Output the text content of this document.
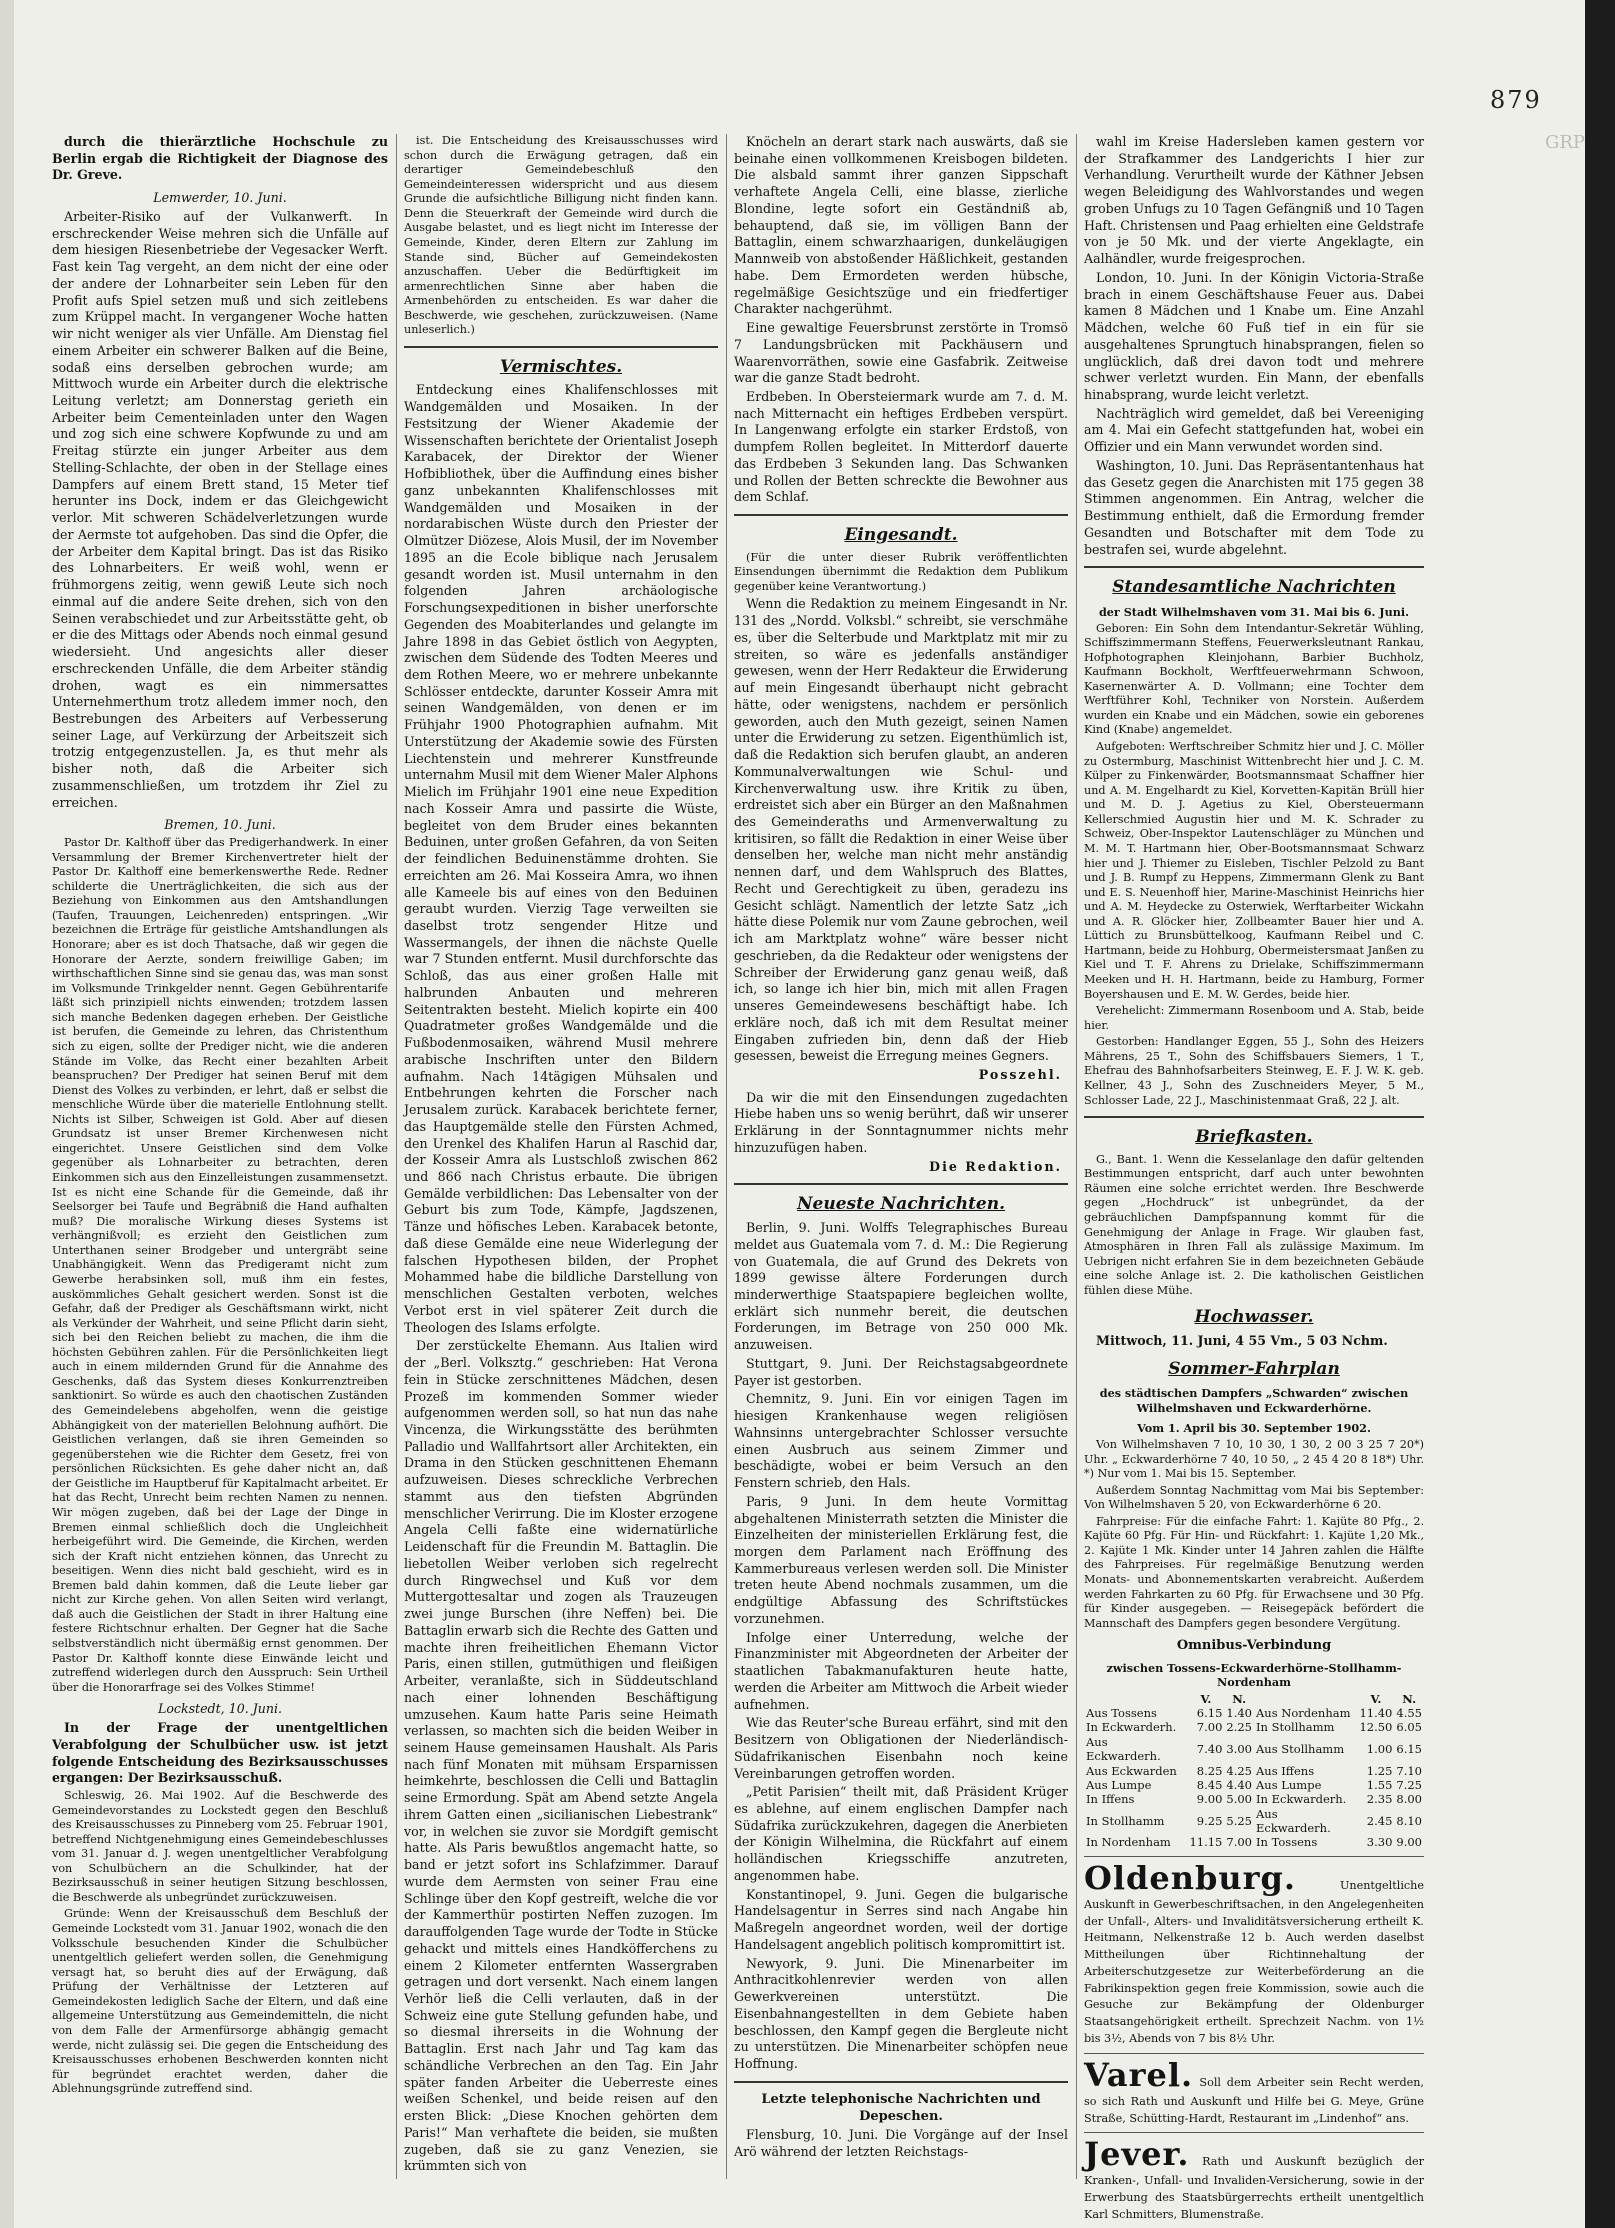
879
GRP

durch die thierärztliche Hochschule zu Berlin ergab die Richtigkeit der Diagnose des Dr. Greve.

Lemwerder, 10. Juni.

Arbeiter-Risiko auf der Vulkanwerft. In erschreckender Weise mehren sich die Unfälle auf dem hiesigen Riesenbetriebe der Vegesacker Werft. Fast kein Tag vergeht, an dem nicht der eine oder der andere der Lohnarbeiter sein Leben für den Profit aufs Spiel setzen muß und sich zeitlebens zum Krüppel macht. In vergangener Woche hatten wir nicht weniger als vier Unfälle. Am Dienstag fiel einem Arbeiter ein schwerer Balken auf die Beine, sodaß eins derselben gebrochen wurde; am Mittwoch wurde ein Arbeiter durch die elektrische Leitung verletzt; am Donnerstag gerieth ein Arbeiter beim Cementeinladen unter den Wagen und zog sich eine schwere Kopfwunde zu und am Freitag stürzte ein junger Arbeiter aus dem Stelling-Schlachte, der oben in der Stellage eines Dampfers auf einem Brett stand, 15 Meter tief herunter ins Dock, indem er das Gleichgewicht verlor. Mit schweren Schädelverletzungen wurde der Aermste tot aufgehoben. Das sind die Opfer, die der Arbeiter dem Kapital bringt. Das ist das Risiko des Lohnarbeiters. Er weiß wohl, wenn er frühmorgens zeitig, wenn gewiß Leute sich noch einmal auf die andere Seite drehen, sich von den Seinen verabschiedet und zur Arbeitsstätte geht, ob er die des Mittags oder Abends noch einmal gesund wiedersieht. Und angesichts aller dieser erschreckenden Unfälle, die dem Arbeiter ständig drohen, wagt es ein nimmersattes Unternehmerthum trotz alledem immer noch, den Bestrebungen des Arbeiters auf Verbesserung seiner Lage, auf Verkürzung der Arbeitszeit sich trotzig entgegenzustellen. Ja, es thut mehr als bisher noth, daß die Arbeiter sich zusammenschließen, um trotzdem ihr Ziel zu erreichen.

Bremen, 10. Juni.

Pastor Dr. Kalthoff über das Predigerhandwerk. In einer Versammlung der Bremer Kirchenvertreter hielt der Pastor Dr. Kalthoff eine bemerkenswerthe Rede. Redner schilderte die Unerträglichkeiten, die sich aus der Beziehung von Einkommen aus den Amtshandlungen (Taufen, Trauungen, Leichenreden) entspringen. „Wir bezeichnen die Erträge für geistliche Amtshandlungen als Honorare; aber es ist doch Thatsache, daß wir gegen die Honorare der Aerzte, sondern freiwillige Gaben; im wirthschaftlichen Sinne sind sie genau das, was man sonst im Volksmunde Trinkgelder nennt. Gegen Gebührentarife läßt sich prinzipiell nichts einwenden; trotzdem lassen sich manche Bedenken dagegen erheben. Der Geistliche ist berufen, die Gemeinde zu lehren, das Christenthum sich zu eigen, sollte der Prediger nicht, wie die anderen Stände im Volke, das Recht einer bezahlten Arbeit beanspruchen? Der Prediger hat seinen Beruf mit dem Dienst des Volkes zu verbinden, er lehrt, daß er selbst die menschliche Würde über die materielle Entlohnung stellt. Nichts ist Silber, Schweigen ist Gold. Aber auf diesen Grundsatz ist unser Bremer Kirchenwesen nicht eingerichtet. Unsere Geistlichen sind dem Volke gegenüber als Lohnarbeiter zu betrachten, deren Einkommen sich aus den Einzelleistungen zusammensetzt. Ist es nicht eine Schande für die Gemeinde, daß ihr Seelsorger bei Taufe und Begräbniß die Hand aufhalten muß? Die moralische Wirkung dieses Systems ist verhängnißvoll; es erzieht den Geistlichen zum Unterthanen seiner Brodgeber und untergräbt seine Unabhängigkeit. Wenn das Predigeramt nicht zum Gewerbe herabsinken soll, muß ihm ein festes, auskömmliches Gehalt gesichert werden. Sonst ist die Gefahr, daß der Prediger als Geschäftsmann wirkt, nicht als Verkünder der Wahrheit, und seine Pflicht darin sieht, sich bei den Reichen beliebt zu machen, die ihm die höchsten Gebühren zahlen. Für die Persönlichkeiten liegt auch in einem mildernden Grund für die Annahme des Geschenks, daß das System dieses Konkurrenztreiben sanktionirt. So würde es auch den chaotischen Zuständen des Gemeindelebens abgeholfen, wenn die geistige Abhängigkeit von der materiellen Belohnung aufhört. Die Geistlichen verlangen, daß sie ihren Gemeinden so gegenüberstehen wie die Richter dem Gesetz, frei von persönlichen Rücksichten. Es gehe daher nicht an, daß der Geistliche im Hauptberuf für Kapitalmacht arbeitet. Er hat das Recht, Unrecht beim rechten Namen zu nennen. Wir mögen zugeben, daß bei der Lage der Dinge in Bremen einmal schließlich doch die Ungleichheit herbeigeführt wird. Die Gemeinde, die Kirchen, werden sich der Kraft nicht entziehen können, das Unrecht zu beseitigen. Wenn dies nicht bald geschieht, wird es in Bremen bald dahin kommen, daß die Leute lieber gar nicht zur Kirche gehen. Von allen Seiten wird verlangt, daß auch die Geistlichen der Stadt in ihrer Haltung eine festere Richtschnur erhalten. Der Gegner hat die Sache selbstverständlich nicht übermäßig ernst genommen. Der Pastor Dr. Kalthoff konnte diese Einwände leicht und zutreffend widerlegen durch den Ausspruch: Sein Urtheil über die Honorarfrage sei des Volkes Stimme!

Lockstedt, 10. Juni.

In der Frage der unentgeltlichen Verabfolgung der Schulbücher usw. ist jetzt folgende Entscheidung des Bezirksausschusses ergangen: Der Bezirksausschuß.

Schleswig, 26. Mai 1902. Auf die Beschwerde des Gemeindevorstandes zu Lockstedt gegen den Beschluß des Kreisausschusses zu Pinneberg vom 25. Februar 1901, betreffend Nichtgenehmigung eines Gemeindebeschlusses vom 31. Januar d. J. wegen unentgeltlicher Verabfolgung von Schulbüchern an die Schulkinder, hat der Bezirksausschuß in seiner heutigen Sitzung beschlossen, die Beschwerde als unbegründet zurückzuweisen.

Gründe: Wenn der Kreisausschuß dem Beschluß der Gemeinde Lockstedt vom 31. Januar 1902, wonach die den Volksschule besuchenden Kinder die Schulbücher unentgeltlich geliefert werden sollen, die Genehmigung versagt hat, so beruht dies auf der Erwägung, daß Prüfung der Verhältnisse der Letzteren auf Gemeindekosten lediglich Sache der Eltern, und daß eine allgemeine Unterstützung aus Gemeindemitteln, die nicht von dem Falle der Armenfürsorge abhängig gemacht werde, nicht zulässig sei. Die gegen die Entscheidung des Kreisausschusses erhobenen Beschwerden konnten nicht für begründet erachtet werden, daher die Ablehnungsgründe zutreffend sind.

ist. Die Entscheidung des Kreisausschusses wird schon durch die Erwägung getragen, daß ein derartiger Gemeindebeschluß den Gemeindeinteressen widerspricht und aus diesem Grunde die aufsichtliche Billigung nicht finden kann. Denn die Steuerkraft der Gemeinde wird durch die Ausgabe belastet, und es liegt nicht im Interesse der Gemeinde, Kinder, deren Eltern zur Zahlung im Stande sind, Bücher auf Gemeindekosten anzuschaffen. Ueber die Bedürftigkeit im armenrechtlichen Sinne aber haben die Armenbehörden zu entscheiden. Es war daher die Beschwerde, wie geschehen, zurückzuweisen. (Name unleserlich.)

Vermischtes.

Entdeckung eines Khalifenschlosses mit Wandgemälden und Mosaiken. In der Festsitzung der Wiener Akademie der Wissenschaften berichtete der Orientalist Joseph Karabacek, der Direktor der Wiener Hofbibliothek, über die Auffindung eines bisher ganz unbekannten Khalifenschlosses mit Wandgemälden und Mosaiken in der nordarabischen Wüste durch den Priester der Olmützer Diözese, Alois Musil, der im November 1895 an die Ecole biblique nach Jerusalem gesandt worden ist. Musil unternahm in den folgenden Jahren archäologische Forschungsexpeditionen in bisher unerforschte Gegenden des Moabiterlandes und gelangte im Jahre 1898 in das Gebiet östlich von Aegypten, zwischen dem Südende des Todten Meeres und dem Rothen Meere, wo er mehrere unbekannte Schlösser entdeckte, darunter Kosseir Amra mit seinen Wandgemälden, von denen er im Frühjahr 1900 Photographien aufnahm. Mit Unterstützung der Akademie sowie des Fürsten Liechtenstein und mehrerer Kunstfreunde unternahm Musil mit dem Wiener Maler Alphons Mielich im Frühjahr 1901 eine neue Expedition nach Kosseir Amra und passirte die Wüste, begleitet von dem Bruder eines bekannten Beduinen, unter großen Gefahren, da von Seiten der feindlichen Beduinenstämme drohten. Sie erreichten am 26. Mai Kosseira Amra, wo ihnen alle Kameele bis auf eines von den Beduinen geraubt wurden. Vierzig Tage verweilten sie daselbst trotz sengender Hitze und Wassermangels, der ihnen die nächste Quelle war 7 Stunden entfernt. Musil durchforschte das Schloß, das aus einer großen Halle mit halbrunden Anbauten und mehreren Seitentrakten besteht. Mielich kopirte ein 400 Quadratmeter großes Wandgemälde und die Fußbodenmosaiken, während Musil mehrere arabische Inschriften unter den Bildern aufnahm. Nach 14tägigen Mühsalen und Entbehrungen kehrten die Forscher nach Jerusalem zurück. Karabacek berichtete ferner, das Hauptgemälde stelle den Fürsten Achmed, den Urenkel des Khalifen Harun al Raschid dar, der Kosseir Amra als Lustschloß zwischen 862 und 866 nach Christus erbaute. Die übrigen Gemälde verbildlichen: Das Lebensalter von der Geburt bis zum Tode, Kämpfe, Jagdszenen, Tänze und höfisches Leben. Karabacek betonte, daß diese Gemälde eine neue Widerlegung der falschen Hypothesen bilden, der Prophet Mohammed habe die bildliche Darstellung von menschlichen Gestalten verboten, welches Verbot erst in viel späterer Zeit durch die Theologen des Islams erfolgte.

Der zerstückelte Ehemann. Aus Italien wird der „Berl. Volksztg.“ geschrieben: Hat Verona fein in Stücke zerschnittenes Mädchen, desen Prozeß im kommenden Sommer wieder aufgenommen werden soll, so hat nun das nahe Vincenza, die Wirkungsstätte des berühmten Palladio und Wallfahrtsort aller Architekten, ein Drama in den Stücken geschnittenen Ehemann aufzuweisen. Dieses schreckliche Verbrechen stammt aus den tiefsten Abgründen menschlicher Verirrung. Die im Kloster erzogene Angela Celli faßte eine widernatürliche Leidenschaft für die Freundin M. Battaglin. Die liebetollen Weiber verloben sich regelrecht durch Ringwechsel und Kuß vor dem Muttergottesaltar und zogen als Trauzeugen zwei junge Burschen (ihre Neffen) bei. Die Battaglin erwarb sich die Rechte des Gatten und machte ihren freiheitlichen Ehemann Victor Paris, einen stillen, gutmüthigen und fleißigen Arbeiter, veranlaßte, sich in Süddeutschland nach einer lohnenden Beschäftigung umzusehen. Kaum hatte Paris seine Heimath verlassen, so machten sich die beiden Weiber in seinem Hause gemeinsamen Haushalt. Als Paris nach fünf Monaten mit mühsam Ersparnissen heimkehrte, beschlossen die Celli und Battaglin seine Ermordung. Spät am Abend setzte Angela ihrem Gatten einen „sicilianischen Liebestrank“ vor, in welchen sie zuvor sie Mordgift gemischt hatte. Als Paris bewußtlos angemacht hatte, so band er jetzt sofort ins Schlafzimmer. Darauf wurde dem Aermsten von seiner Frau eine Schlinge über den Kopf gestreift, welche die vor der Kammerthür postirten Neffen zuzogen. Im darauffolgenden Tage wurde der Todte in Stücke gehackt und mittels eines Handköfferchens zu einem 2 Kilometer entfernten Wassergraben getragen und dort versenkt. Nach einem langen Verhör ließ die Celli verlauten, daß in der Schweiz eine gute Stellung gefunden habe, und so diesmal ihrerseits in die Wohnung der Battaglin. Erst nach Jahr und Tag kam das schändliche Verbrechen an den Tag. Ein Jahr später fanden Arbeiter die Ueberreste eines weißen Schenkel, und beide reisen auf den ersten Blick: „Diese Knochen gehörten dem Paris!“ Man verhaftete die beiden, sie mußten zugeben, daß sie zu ganz Venezien, sie krümmten sich von

Knöcheln an derart stark nach auswärts, daß sie beinahe einen vollkommenen Kreisbogen bildeten. Die alsbald sammt ihrer ganzen Sippschaft verhaftete Angela Celli, eine blasse, zierliche Blondine, legte sofort ein Geständniß ab, behauptend, daß sie, im völligen Bann der Battaglin, einem schwarzhaarigen, dunkeläugigen Mannweib von abstoßender Häßlichkeit, gestanden habe. Dem Ermordeten werden hübsche, regelmäßige Gesichtszüge und ein friedfertiger Charakter nachgerühmt.

Eine gewaltige Feuersbrunst zerstörte in Tromsö 7 Landungsbrücken mit Packhäusern und Waarenvorräthen, sowie eine Gasfabrik. Zeitweise war die ganze Stadt bedroht.

Erdbeben. In Obersteiermark wurde am 7. d. M. nach Mitternacht ein heftiges Erdbeben verspürt. In Langenwang erfolgte ein starker Erdstoß, von dumpfem Rollen begleitet. In Mitterdorf dauerte das Erdbeben 3 Sekunden lang. Das Schwanken und Rollen der Betten schreckte die Bewohner aus dem Schlaf.

Eingesandt.

(Für die unter dieser Rubrik veröffentlichten Einsendungen übernimmt die Redaktion dem Publikum gegenüber keine Verantwortung.)

Wenn die Redaktion zu meinem Eingesandt in Nr. 131 des „Nordd. Volksbl.“ schreibt, sie verschmähe es, über die Selterbude und Marktplatz mit mir zu streiten, so wäre es jedenfalls anständiger gewesen, wenn der Herr Redakteur die Erwiderung auf mein Eingesandt überhaupt nicht gebracht hätte, oder wenigstens, nachdem er persönlich geworden, auch den Muth gezeigt, seinen Namen unter die Erwiderung zu setzen. Eigenthümlich ist, daß die Redaktion sich berufen glaubt, an anderen Kommunalverwaltungen wie Schul- und Kirchenverwaltung usw. ihre Kritik zu üben, erdreistet sich aber ein Bürger an den Maßnahmen des Gemeinderaths und Armenverwaltung zu kritisiren, so fällt die Redaktion in einer Weise über denselben her, welche man nicht mehr anständig nennen darf, und dem Wahlspruch des Blattes, Recht und Gerechtigkeit zu üben, geradezu ins Gesicht schlägt. Namentlich der letzte Satz „ich hätte diese Polemik nur vom Zaune gebrochen, weil ich am Marktplatz wohne“ wäre besser nicht geschrieben, da die Redakteur oder wenigstens der Schreiber der Erwiderung ganz genau weiß, daß ich, so lange ich hier bin, mich mit allen Fragen unseres Gemeindewesens beschäftigt habe. Ich erkläre noch, daß ich mit dem Resultat meiner Eingaben zufrieden bin, denn daß der Hieb gesessen, beweist die Erregung meines Gegners.

Posszehl.

Da wir die mit den Einsendungen zugedachten Hiebe haben uns so wenig berührt, daß wir unserer Erklärung in der Sonntagnummer nichts mehr hinzuzufügen haben.

Die Redaktion.
Neueste Nachrichten.

Berlin, 9. Juni. Wolffs Telegraphisches Bureau meldet aus Guatemala vom 7. d. M.: Die Regierung von Guatemala, die auf Grund des Dekrets von 1899 gewisse ältere Forderungen durch minderwerthige Staatspapiere begleichen wollte, erklärt sich nunmehr bereit, die deutschen Forderungen, im Betrage von 250 000 Mk. anzuweisen.

Stuttgart, 9. Juni. Der Reichstagsabgeordnete Payer ist gestorben.

Chemnitz, 9. Juni. Ein vor einigen Tagen im hiesigen Krankenhause wegen religiösen Wahnsinns untergebrachter Schlosser versuchte einen Ausbruch aus seinem Zimmer und beschädigte, wobei er beim Versuch an den Fenstern schrieb, den Hals.

Paris, 9 Juni. In dem heute Vormittag abgehaltenen Ministerrath setzten die Minister die Einzelheiten der ministeriellen Erklärung fest, die morgen dem Parlament nach Eröffnung des Kammerbureaus verlesen werden soll. Die Minister treten heute Abend nochmals zusammen, um die endgültige Abfassung des Schriftstückes vorzunehmen.

Infolge einer Unterredung, welche der Finanzminister mit Abgeordneten der Arbeiter der staatlichen Tabakmanufakturen heute hatte, werden die Arbeiter am Mittwoch die Arbeit wieder aufnehmen.

Wie das Reuter'sche Bureau erfährt, sind mit den Besitzern von Obligationen der Niederländisch-Südafrikanischen Eisenbahn noch keine Vereinbarungen getroffen worden.

„Petit Parisien“ theilt mit, daß Präsident Krüger es ablehne, auf einem englischen Dampfer nach Südafrika zurückzukehren, dagegen die Anerbieten der Königin Wilhelmina, die Rückfahrt auf einem holländischen Kriegsschiffe anzutreten, angenommen habe.

Konstantinopel, 9. Juni. Gegen die bulgarische Handelsagentur in Serres sind nach Angabe hin Maßregeln angeordnet worden, weil der dortige Handelsagent angeblich politisch kompromittirt ist.

Newyork, 9. Juni. Die Minenarbeiter im Anthracitkohlenrevier werden von allen Gewerkvereinen unterstützt. Die Eisenbahnangestellten in dem Gebiete haben beschlossen, den Kampf gegen die Bergleute nicht zu unterstützen. Die Minenarbeiter schöpfen neue Hoffnung.

Letzte telephonische Nachrichten und Depeschen.

Flensburg, 10. Juni. Die Vorgänge auf der Insel Arö während der letzten Reichstags-

wahl im Kreise Hadersleben kamen gestern vor der Strafkammer des Landgerichts I hier zur Verhandlung. Verurtheilt wurde der Käthner Jebsen wegen Beleidigung des Wahlvorstandes und wegen groben Unfugs zu 10 Tagen Gefängniß und 10 Tagen Haft. Christensen und Paag erhielten eine Geldstrafe von je 50 Mk. und der vierte Angeklagte, ein Aalhändler, wurde freigesprochen.

London, 10. Juni. In der Königin Victoria-Straße brach in einem Geschäftshause Feuer aus. Dabei kamen 8 Mädchen und 1 Knabe um. Eine Anzahl Mädchen, welche 60 Fuß tief in ein für sie ausgehaltenes Sprungtuch hinabsprangen, fielen so unglücklich, daß drei davon todt und mehrere schwer verletzt wurden. Ein Mann, der ebenfalls hinabsprang, wurde leicht verletzt.

Nachträglich wird gemeldet, daß bei Vereeniging am 4. Mai ein Gefecht stattgefunden hat, wobei ein Offizier und ein Mann verwundet worden sind.

Washington, 10. Juni. Das Repräsentantenhaus hat das Gesetz gegen die Anarchisten mit 175 gegen 38 Stimmen angenommen. Ein Antrag, welcher die Bestimmung enthielt, daß die Ermordung fremder Gesandten und Botschafter mit dem Tode zu bestrafen sei, wurde abgelehnt.

Standesamtliche Nachrichten
der Stadt Wilhelmshaven vom 31. Mai bis 6. Juni.

Geboren: Ein Sohn dem Intendantur-Sekretär Wühling, Schiffszimmermann Steffens, Feuerwerksleutnant Rankau, Hofphotographen Kleinjohann, Barbier Buchholz, Kaufmann Bockholt, Werftfeuerwehrmann Schwoon, Kasernenwärter A. D. Vollmann; eine Tochter dem Werftführer Kohl, Techniker von Norstein. Außerdem wurden ein Knabe und ein Mädchen, sowie ein geborenes Kind (Knabe) angemeldet.

Aufgeboten: Werftschreiber Schmitz hier und J. C. Möller zu Ostermburg, Maschinist Wittenbrecht hier und J. C. M. Külper zu Finkenwärder, Bootsmannsmaat Schaffner hier und A. M. Engelhardt zu Kiel, Korvetten-Kapitän Brüll hier und M. D. J. Agetius zu Kiel, Obersteuermann Kellerschmied Augustin hier und M. K. Schrader zu Schweiz, Ober-Inspektor Lautenschläger zu München und M. M. T. Hartmann hier, Ober-Bootsmannsmaat Schwarz hier und J. Thiemer zu Eisleben, Tischler Pelzold zu Bant und J. B. Rumpf zu Heppens, Zimmermann Glenk zu Bant und E. S. Neuenhoff hier, Marine-Maschinist Heinrichs hier und A. M. Heydecke zu Osterwiek, Werftarbeiter Wickahn und A. R. Glöcker hier, Zollbeamter Bauer hier und A. Lüttich zu Brunsbüttelkoog, Kaufmann Reibel und C. Hartmann, beide zu Hohburg, Obermeistersmaat Janßen zu Kiel und T. F. Ahrens zu Drielake, Schiffszimmermann Meeken und H. H. Hartmann, beide zu Hamburg, Former Boyershausen und E. M. W. Gerdes, beide hier.

Verehelicht: Zimmermann Rosenboom und A. Stab, beide hier.

Gestorben: Handlanger Eggen, 55 J., Sohn des Heizers Mährens, 25 T., Sohn des Schiffsbauers Siemers, 1 T., Ehefrau des Bahnhofsarbeiters Steinweg, E. F. J. W. K. geb. Kellner, 43 J., Sohn des Zuschneiders Meyer, 5 M., Schlosser Lade, 22 J., Maschinistenmaat Graß, 22 J. alt.

Briefkasten.

G., Bant. 1. Wenn die Kesselanlage den dafür geltenden Bestimmungen entspricht, darf auch unter bewohnten Räumen eine solche errichtet werden. Ihre Beschwerde gegen „Hochdruck“ ist unbegründet, da der gebräuchlichen Dampfspannung kommt für die Genehmigung der Anlage in Frage. Wir glauben fast, Atmosphären in Ihren Fall als zulässige Maximum. Im Uebrigen nicht erfahren Sie in dem bezeichneten Gebäude eine solche Anlage ist. 2. Die katholischen Geistlichen fühlen diese Mühe.

Hochwasser.

Mittwoch, 11. Juni, 4 55 Vm., 5 03 Nchm.

Sommer-Fahrplan
des städtischen Dampfers „Schwarden“ zwischen Wilhelmshaven und Eckwarderhörne.
Vom 1. April bis 30. September 1902.

Von Wilhelmshaven 7 10, 10 30, 1 30, 2 00 3 25 7 20*) Uhr. „ Eckwarderhörne 7 40, 10 50, „ 2 45 4 20 8 18*) Uhr. *) Nur vom 1. Mai bis 15. September.

Außerdem Sonntag Nachmittag vom Mai bis September: Von Wilhelmshaven 5 20, von Eckwarderhörne 6 20.

Fahrpreise: Für die einfache Fahrt: 1. Kajüte 80 Pfg., 2. Kajüte 60 Pfg. Für Hin- und Rückfahrt: 1. Kajüte 1,20 Mk., 2. Kajüte 1 Mk. Kinder unter 14 Jahren zahlen die Hälfte des Fahrpreises. Für regelmäßige Benutzung werden Monats- und Abonnementskarten verabreicht. Außerdem werden Fahrkarten zu 60 Pfg. für Erwachsene und 30 Pfg. für Kinder ausgegeben. — Reisegepäck befördert die Mannschaft des Dampfers gegen besondere Vergütung.

Omnibus-Verbindung
zwischen Tossens-Eckwarderhörne-Stollhamm-Nordenham
	V.	N.		V.	N.
Aus Tossens	6.15	1.40	Aus Nordenham	11.40	4.55
In Eckwarderh.	7.00	2.25	In Stollhamm	12.50	6.05
Aus Eckwarderh.	7.40	3.00	Aus Stollhamm	1.00	6.15
Aus Eckwarden	8.25	4.25	Aus Iffens	1.25	7.10
Aus Lumpe	8.45	4.40	Aus Lumpe	1.55	7.25
In Iffens	9.00	5.00	In Eckwarderh.	2.35	8.00
In Stollhamm	9.25	5.25	Aus Eckwarderh.	2.45	8.10
In Nordenham	11.15	7.00	In Tossens	3.30	9.00
Oldenburg.	Unentgeltliche Auskunft in Gewerbeschriftsachen, in den Angelegenheiten der Unfall-, Alters- und Invaliditätsversicherung ertheilt K. Heitmann, Nelkenstraße 12 b. Auch werden daselbst Mittheilungen über Richtinnehaltung der Arbeiterschutzgesetze zur Weiterbeförderung an die Fabrikinspektion gegen freie Kommission, sowie auch die Gesuche zur Bekämpfung der Oldenburger Staatsangehörigkeit ertheilt. Sprechzeit Nachm. von 1½ bis 3½, Abends von 7 bis 8½ Uhr.
Varel. Soll dem Arbeiter sein Recht werden, so sich Rath und Auskunft und Hilfe bei G. Meye, Grüne Straße, Schütting-Hardt, Restaurant im „Lindenhof“ ans.
Jever. Rath und Auskunft bezüglich der Kranken-, Unfall- und Invaliden-Versicherung, sowie in der Erwerbung des Staatsbürgerrechts ertheilt unentgeltlich Karl Schmitters, Blumenstraße.
